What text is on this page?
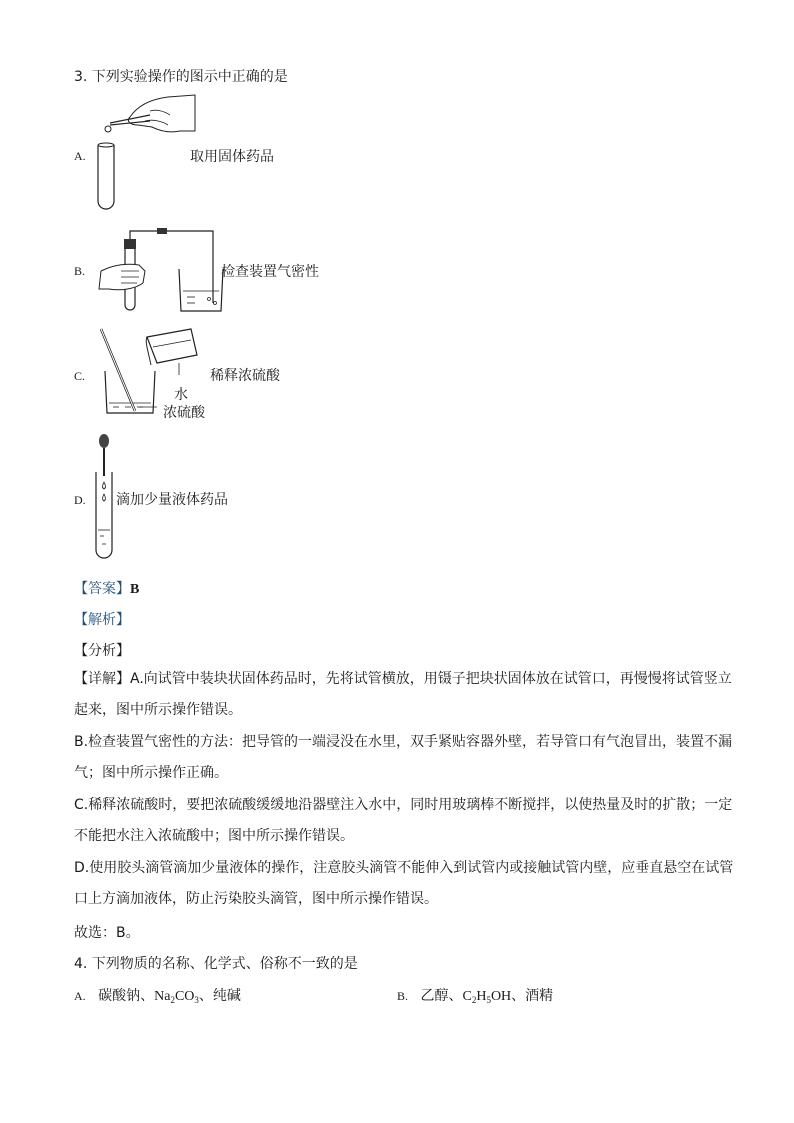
3. 下列实验操作的图示中正确的是
A.	取用固体药品
B.	检查装置气密性
C.	稀释浓硫酸
水
浓硫酸
D. 滴加少量液体药品
【答案】B
【解析】
【分析】
【详解】A.向试管中装块状固体药品时，先将试管横放，用镊子把块状固体放在试管口，再慢慢将试管竖立起来，图中所示操作错误。
B.检查装置气密性的方法：把导管的一端浸没在水里，双手紧贴容器外壁，若导管口有气泡冒出，装置不漏气；图中所示操作正确。
C.稀释浓硫酸时，要把浓硫酸缓缓地沿器壁注入水中，同时用玻璃棒不断搅拌，以使热量及时的扩散；一定不能把水注入浓硫酸中；图中所示操作错误。
D.使用胶头滴管滴加少量液体的操作，注意胶头滴管不能伸入到试管内或接触试管内壁，应垂直悬空在试管口上方滴加液体，防止污染胶头滴管，图中所示操作错误。
故选：B。
4. 下列物质的名称、化学式、俗称不一致的是
A. 碳酸钠、$Na_2CO_3$、纯碱	B. 乙醇、$C_2H_5OH$、酒精
